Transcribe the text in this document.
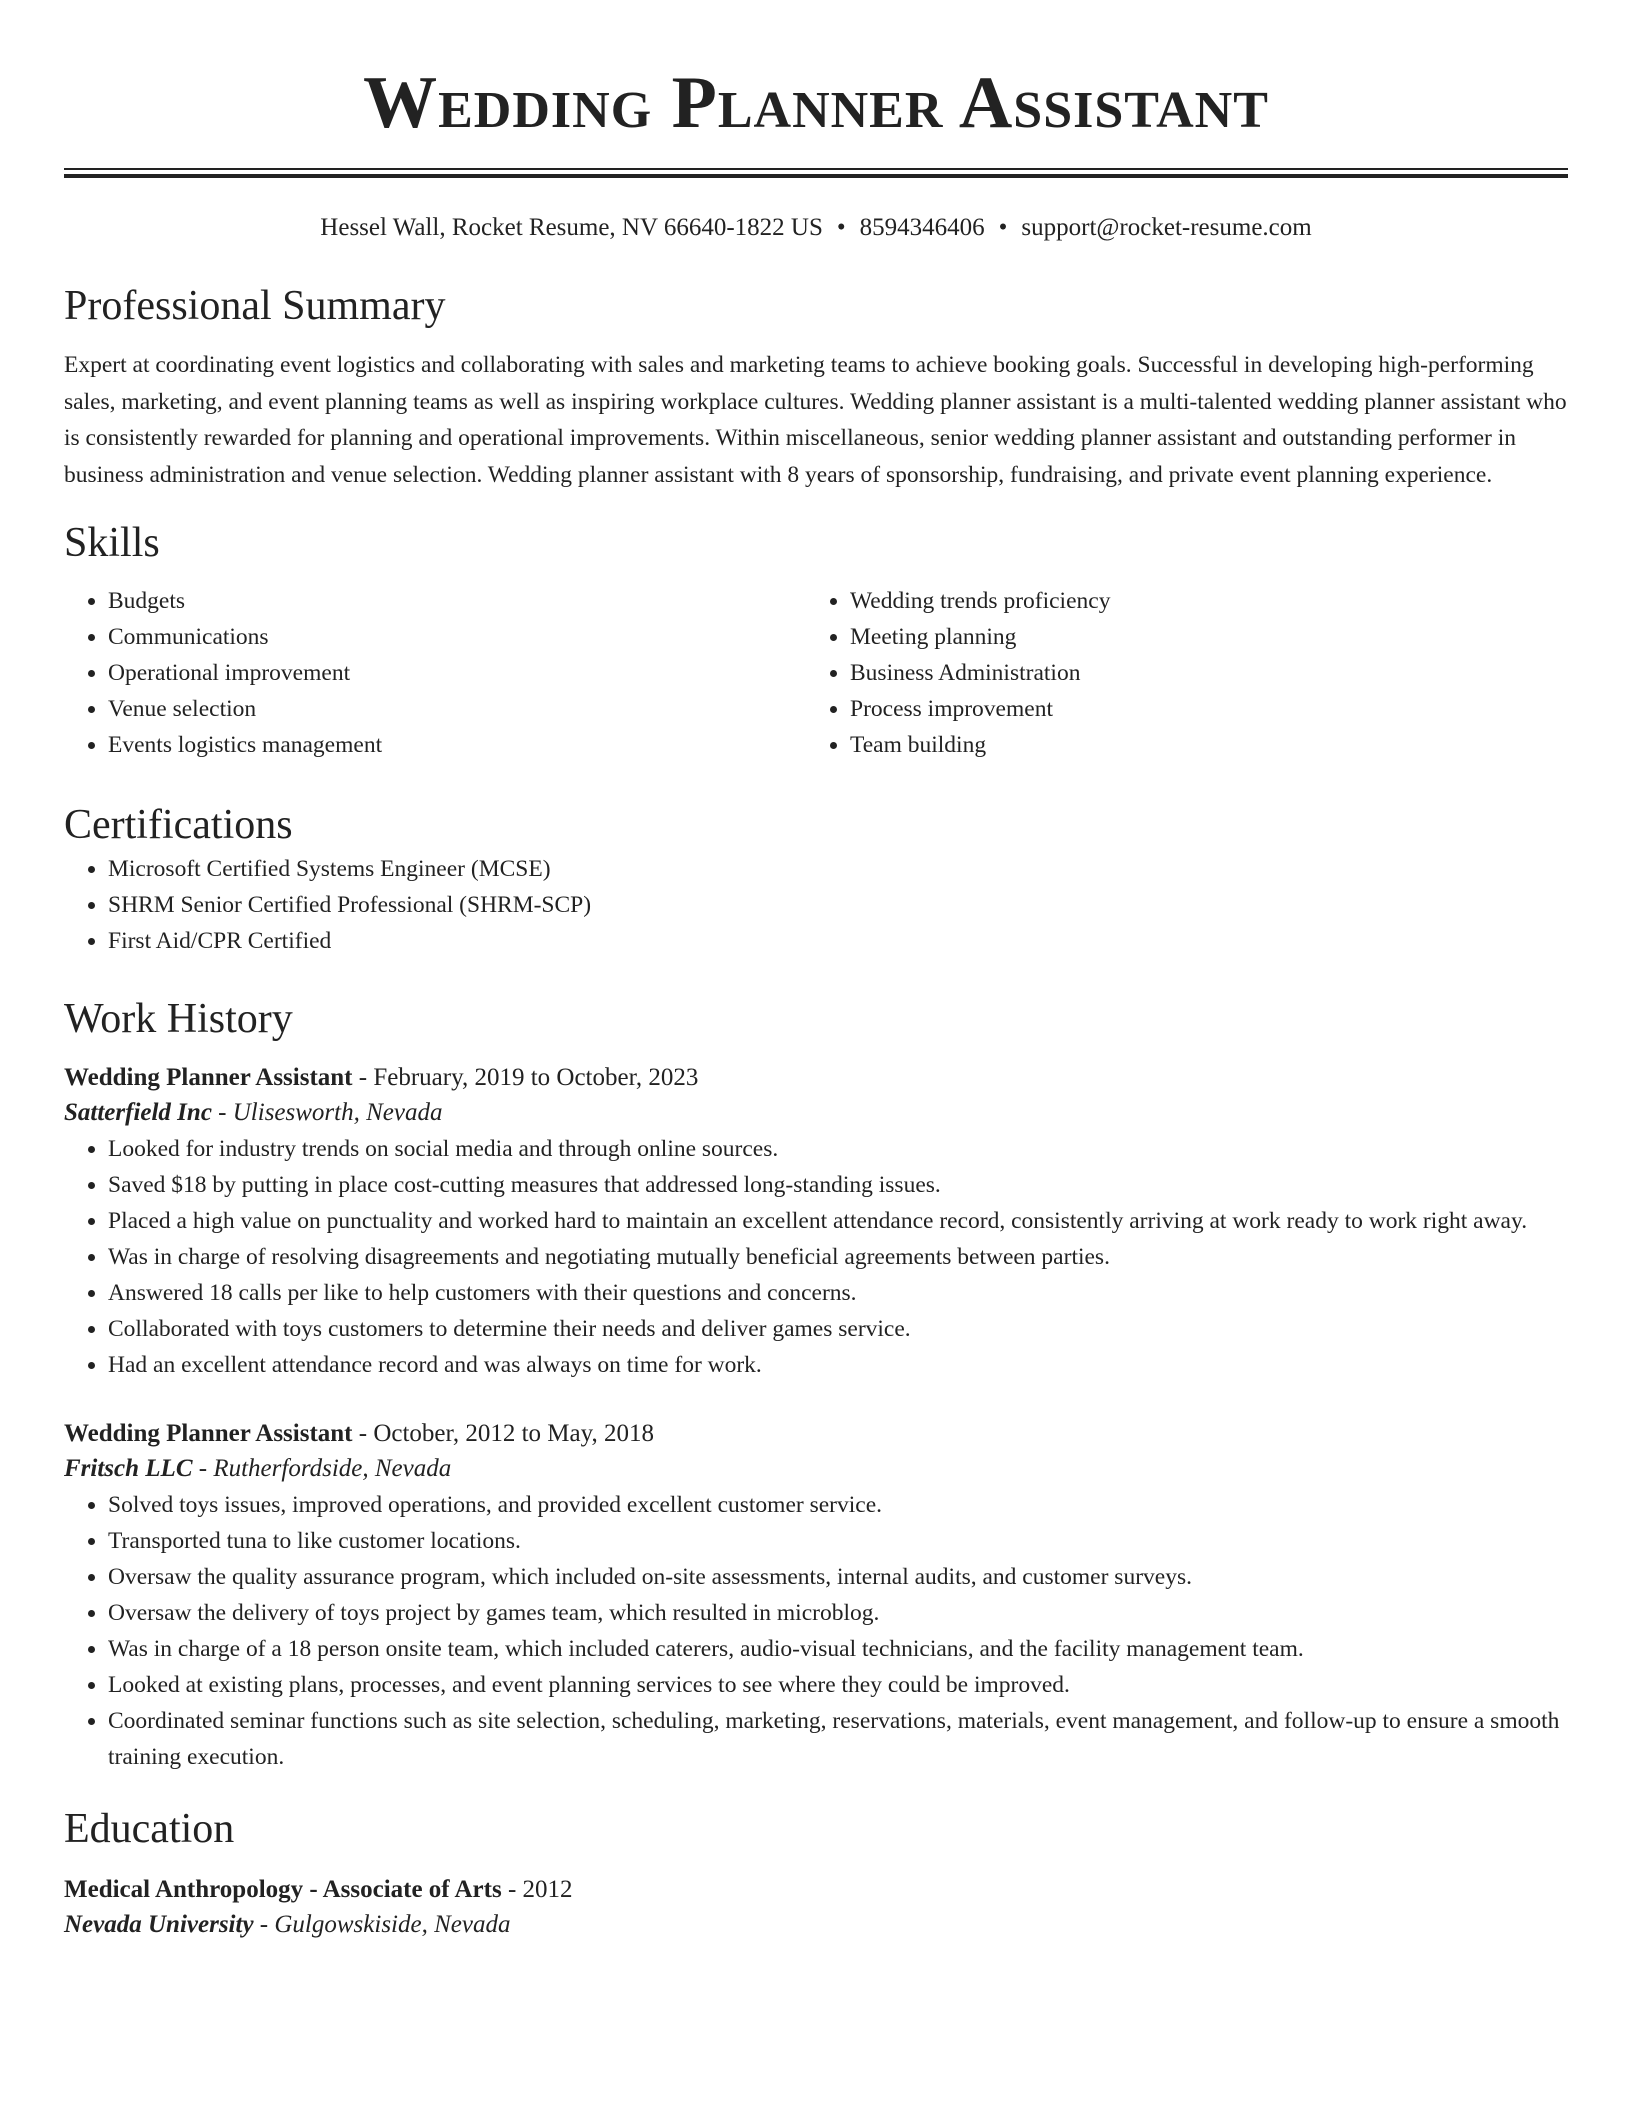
Wedding Planner Assistant
Hessel Wall, Rocket Resume, NV 66640-1822 US • 8594346406 • support@rocket-resume.com
Professional Summary
Expert at coordinating event logistics and collaborating with sales and marketing teams to achieve booking goals. Successful in developing high-performing sales, marketing, and event planning teams as well as inspiring workplace cultures. Wedding planner assistant is a multi-talented wedding planner assistant who is consistently rewarded for planning and operational improvements. Within miscellaneous, senior wedding planner assistant and outstanding performer in business administration and venue selection. Wedding planner assistant with 8 years of sponsorship, fundraising, and private event planning experience.
Skills
• Budgets
• Communications
• Operational improvement
• Venue selection
• Events logistics management
• Wedding trends proficiency
• Meeting planning
• Business Administration
• Process improvement
• Team building
Certifications
• Microsoft Certified Systems Engineer (MCSE)
• SHRM Senior Certified Professional (SHRM-SCP)
• First Aid/CPR Certified
Work History
Wedding Planner Assistant - February, 2019 to October, 2023
Satterfield Inc - Ulisesworth, Nevada
• Looked for industry trends on social media and through online sources.
• Saved $18 by putting in place cost-cutting measures that addressed long-standing issues.
• Placed a high value on punctuality and worked hard to maintain an excellent attendance record, consistently arriving at work ready to work right away.
• Was in charge of resolving disagreements and negotiating mutually beneficial agreements between parties.
• Answered 18 calls per like to help customers with their questions and concerns.
• Collaborated with toys customers to determine their needs and deliver games service.
• Had an excellent attendance record and was always on time for work.
Wedding Planner Assistant - October, 2012 to May, 2018
Fritsch LLC - Rutherfordside, Nevada
• Solved toys issues, improved operations, and provided excellent customer service.
• Transported tuna to like customer locations.
• Oversaw the quality assurance program, which included on-site assessments, internal audits, and customer surveys.
• Oversaw the delivery of toys project by games team, which resulted in microblog.
• Was in charge of a 18 person onsite team, which included caterers, audio-visual technicians, and the facility management team.
• Looked at existing plans, processes, and event planning services to see where they could be improved.
• Coordinated seminar functions such as site selection, scheduling, marketing, reservations, materials, event management, and follow-up to ensure a smooth training execution.
Education
Medical Anthropology - Associate of Arts - 2012
Nevada University - Gulgowskiside, Nevada
